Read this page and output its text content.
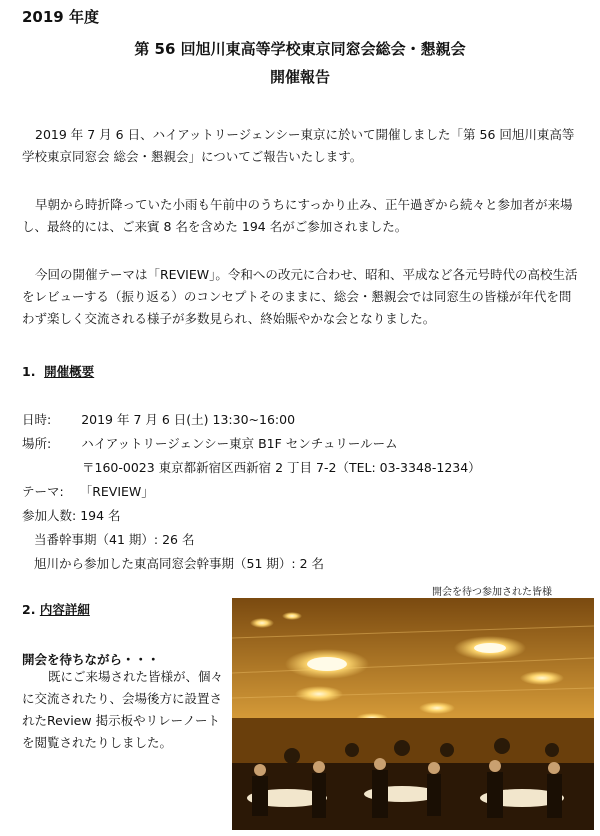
2019 年度
第 56 回旭川東高等学校東京同窓会総会・懇親会
開催報告
2019 年 7 月 6 日、ハイアットリージェンシー東京に於いて開催しました「第 56 回旭川東高等学校東京同窓会 総会・懇親会」についてご報告いたします。
早朝から時折降っていた小雨も午前中のうちにすっかり止み、正午過ぎから続々と参加者が来場し、最終的には、ご来賓 8 名を含めた 194 名がご参加されました。
今回の開催テーマは「REVIEW」。令和への改元に合わせ、昭和、平成など各元号時代の高校生活をレビューする（振り返る）のコンセプトそのままに、総会・懇親会では同窓生の皆様が年代を問わず楽しく交流される様子が多数見られ、終始賑やかな会となりました。
1. 開催概要
日時: 2019 年 7 月 6 日(土) 13:30~16:00
場所: ハイアットリージェンシー東京 B1F センチュリールーム
〒160-0023 東京都新宿区西新宿 2 丁目 7-2（TEL: 03-3348-1234）
テーマ: 「REVIEW」
参加人数: 194 名
当番幹事期（41 期）: 26 名
旭川から参加した東高同窓会幹事期（51 期）: 2 名
開会を待つ参加された皆様
2. 内容詳細
開会を待ちながら・・・
既にご来場された皆様が、個々に交流されたり、会場後方に設置されたReview 掲示板やリレーノートを閲覧されたりしました。
